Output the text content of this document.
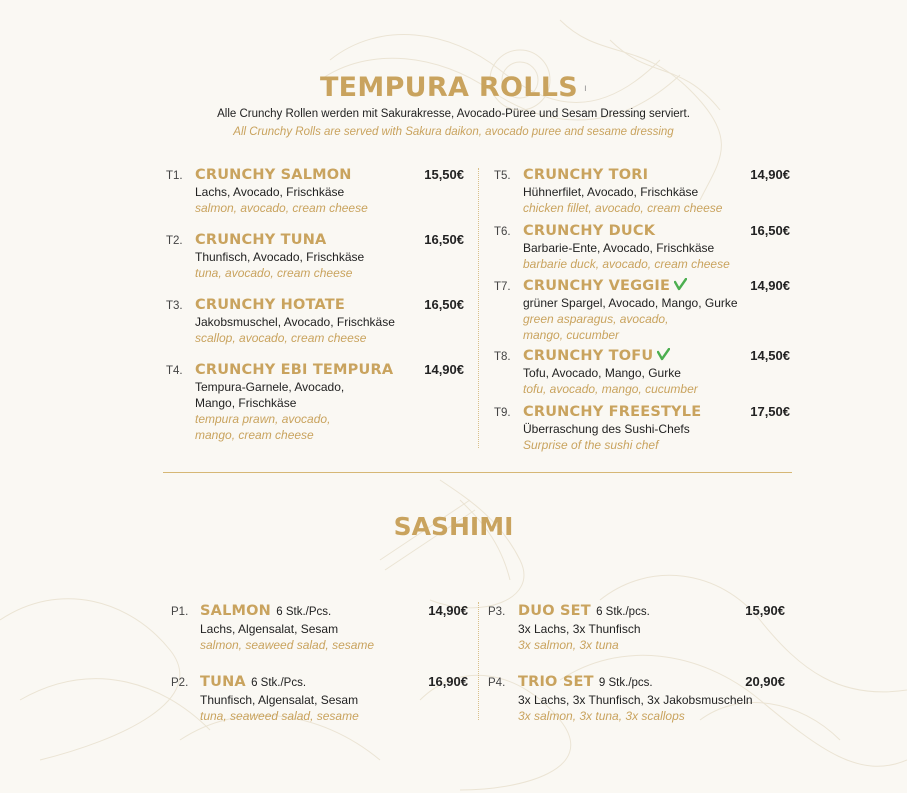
TEMPURA ROLLS ı
Alle Crunchy Rollen werden mit Sakurakresse, Avocado-Püree und Sesam Dressing serviert.
All Crunchy Rolls are served with Sakura daikon, avocado puree and sesame dressing
T1. CRUNCHY SALMON
Lachs, Avocado, Frischkäse
salmon, avocado, cream cheese
15,50€
T2. CRUNCHY TUNA
Thunfisch, Avocado, Frischkäse
tuna, avocado, cream cheese
16,50€
T3. CRUNCHY HOTATE
Jakobsmuschel, Avocado, Frischkäse
scallop, avocado, cream cheese
16,50€
T4. CRUNCHY EBI TEMPURA
Tempura-Garnele, Avocado,
Mango, Frischkäse
tempura prawn, avocado,
mango, cream cheese
14,90€
T5. CRUNCHY TORI
Hühnerfilet, Avocado, Frischkäse
chicken fillet, avocado, cream cheese
14,90€
T6. CRUNCHY DUCK
Barbarie-Ente, Avocado, Frischkäse
barbarie duck, avocado, cream cheese
16,50€
T7. CRUNCHY VEGGIE
grüner Spargel, Avocado, Mango, Gurke
green asparagus, avocado,
mango, cucumber
14,90€
T8. CRUNCHY TOFU
Tofu, Avocado, Mango, Gurke
tofu, avocado, mango, cucumber
14,50€
T9. CRUNCHY FREESTYLE
Überraschung des Sushi-Chefs
Surprise of the sushi chef
17,50€
SASHIMI
P1. SALMON 6 Stk./Pcs.
Lachs, Algensalat, Sesam
salmon, seaweed salad, sesame
14,90€
P2. TUNA 6 Stk./Pcs.
Thunfisch, Algensalat, Sesam
tuna, seaweed salad, sesame
16,90€
P3. DUO SET 6 Stk./pcs.
3x Lachs, 3x Thunfisch
3x salmon, 3x tuna
15,90€
P4. TRIO SET 9 Stk./pcs.
3x Lachs, 3x Thunfisch, 3x Jakobsmuscheln
3x salmon, 3x tuna, 3x scallops
20,90€
